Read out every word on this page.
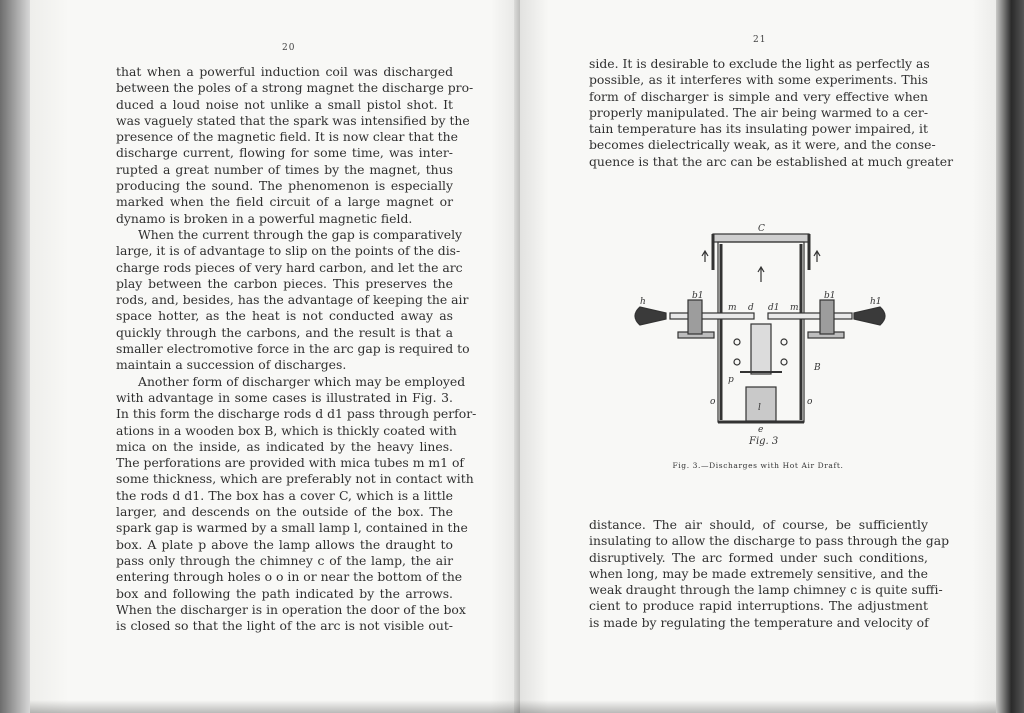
20
that when a powerful induction coil was discharged
between the poles of a strong magnet the discharge pro-
duced a loud noise not unlike a small pistol shot. It
was vaguely stated that the spark was intensified by the
presence of the magnetic field. It is now clear that the
discharge current, flowing for some time, was inter-
rupted a great number of times by the magnet, thus
producing the sound. The phenomenon is especially
marked when the field circuit of a large magnet or
dynamo is broken in a powerful magnetic field.
When the current through the gap is comparatively
large, it is of advantage to slip on the points of the dis-
charge rods pieces of very hard carbon, and let the arc
play between the carbon pieces. This preserves the
rods, and, besides, has the advantage of keeping the air
space hotter, as the heat is not conducted away as
quickly through the carbons, and the result is that a
smaller electromotive force in the arc gap is required to
maintain a succession of discharges.
Another form of discharger which may be employed
with advantage in some cases is illustrated in Fig. 3.
In this form the discharge rods d d1 pass through perfor-
ations in a wooden box B, which is thickly coated with
mica on the inside, as indicated by the heavy lines.
The perforations are provided with mica tubes m m1 of
some thickness, which are preferably not in contact with
the rods d d1. The box has a cover C, which is a little
larger, and descends on the outside of the box. The
spark gap is warmed by a small lamp l, contained in the
box. A plate p above the lamp allows the draught to
pass only through the chimney c of the lamp, the air
entering through holes o o in or near the bottom of the
box and following the path indicated by the arrows.
When the discharger is in operation the door of the box
is closed so that the light of the arc is not visible out-
21
side. It is desirable to exclude the light as perfectly as
possible, as it interferes with some experiments. This
form of discharger is simple and very effective when
properly manipulated. The air being warmed to a cer-
tain temperature has its insulating power impaired, it
becomes dielectrically weak, as it were, and the conse-
quence is that the arc can be established at much greater
C
B
h	h1
b1	b1
m	m1
d d1
p
l
o	o
e
Fig. 3
Fig. 3.—Discharges with Hot Air Draft.
distance. The air should, of course, be sufficiently
insulating to allow the discharge to pass through the gap
disruptively. The arc formed under such conditions,
when long, may be made extremely sensitive, and the
weak draught through the lamp chimney c is quite suffi-
cient to produce rapid interruptions. The adjustment
is made by regulating the temperature and velocity of
